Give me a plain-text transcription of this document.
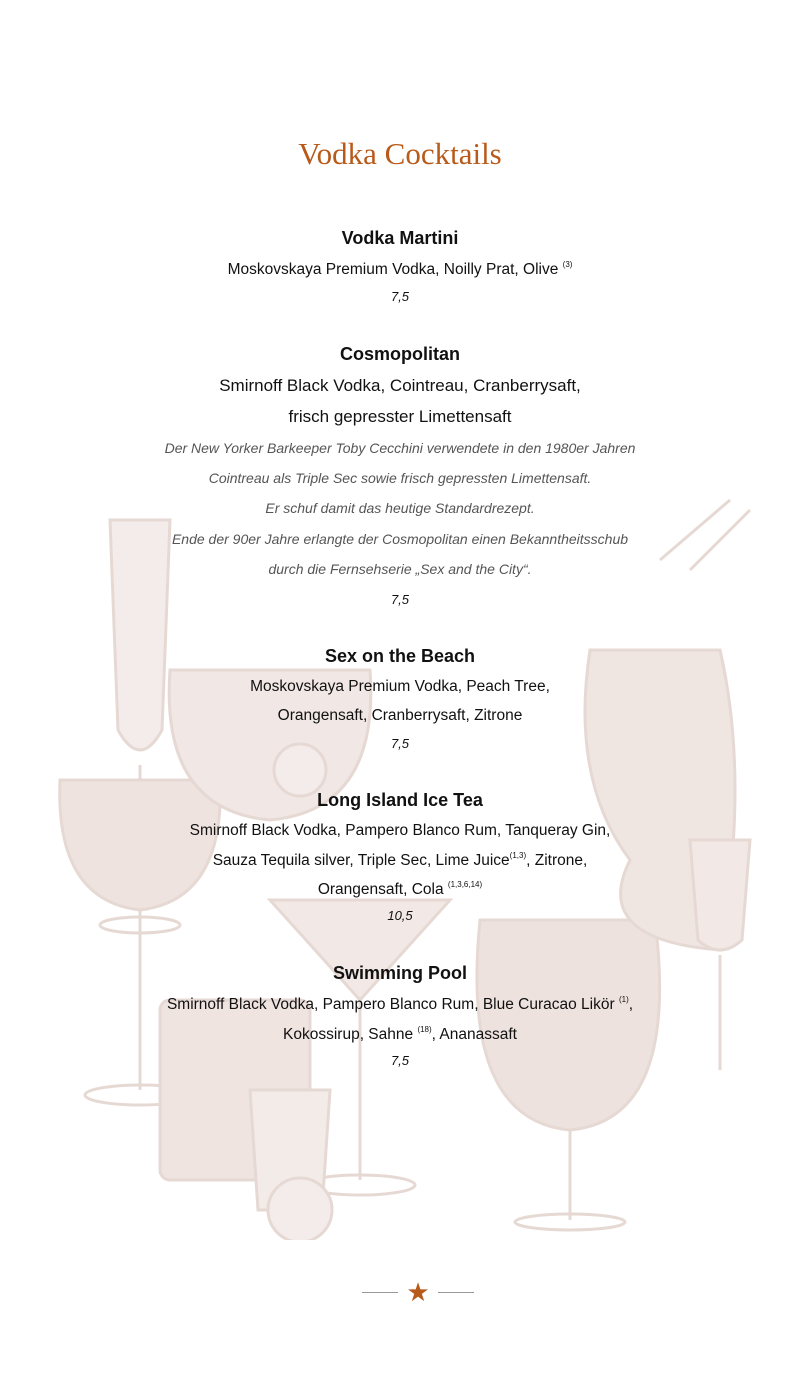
Vodka Cocktails
Vodka Martini
Moskovskaya Premium Vodka, Noilly Prat, Olive $^{(3)}$
7,5
Cosmopolitan
Smirnoff Black Vodka, Cointreau, Cranberrysaft,
frisch gepresster Limettensaft
Der New Yorker Barkeeper Toby Cecchini verwendete in den 1980er Jahren
Cointreau als Triple Sec sowie frisch gepressten Limettensaft.
Er schuf damit das heutige Standardrezept.
Ende der 90er Jahre erlangte der Cosmopolitan einen Bekanntheitsschub
durch die Fernsehserie „Sex and the City“.
7,5
Sex on the Beach
Moskovskaya Premium Vodka, Peach Tree,
Orangensaft, Cranberrysaft, Zitrone
7,5
Long Island Ice Tea
Smirnoff Black Vodka, Pampero Blanco Rum, Tanqueray Gin,
Sauza Tequila silver, Triple Sec, Lime Juice$^{(1,3)}$, Zitrone,
Orangensaft, Cola $^{(1,3,6,14)}$
10,5
Swimming Pool
Smirnoff Black Vodka, Pampero Blanco Rum, Blue Curacao Likör $^{(1)}$,
Kokossirup, Sahne $^{(18)}$, Ananassaft
7,5
★
